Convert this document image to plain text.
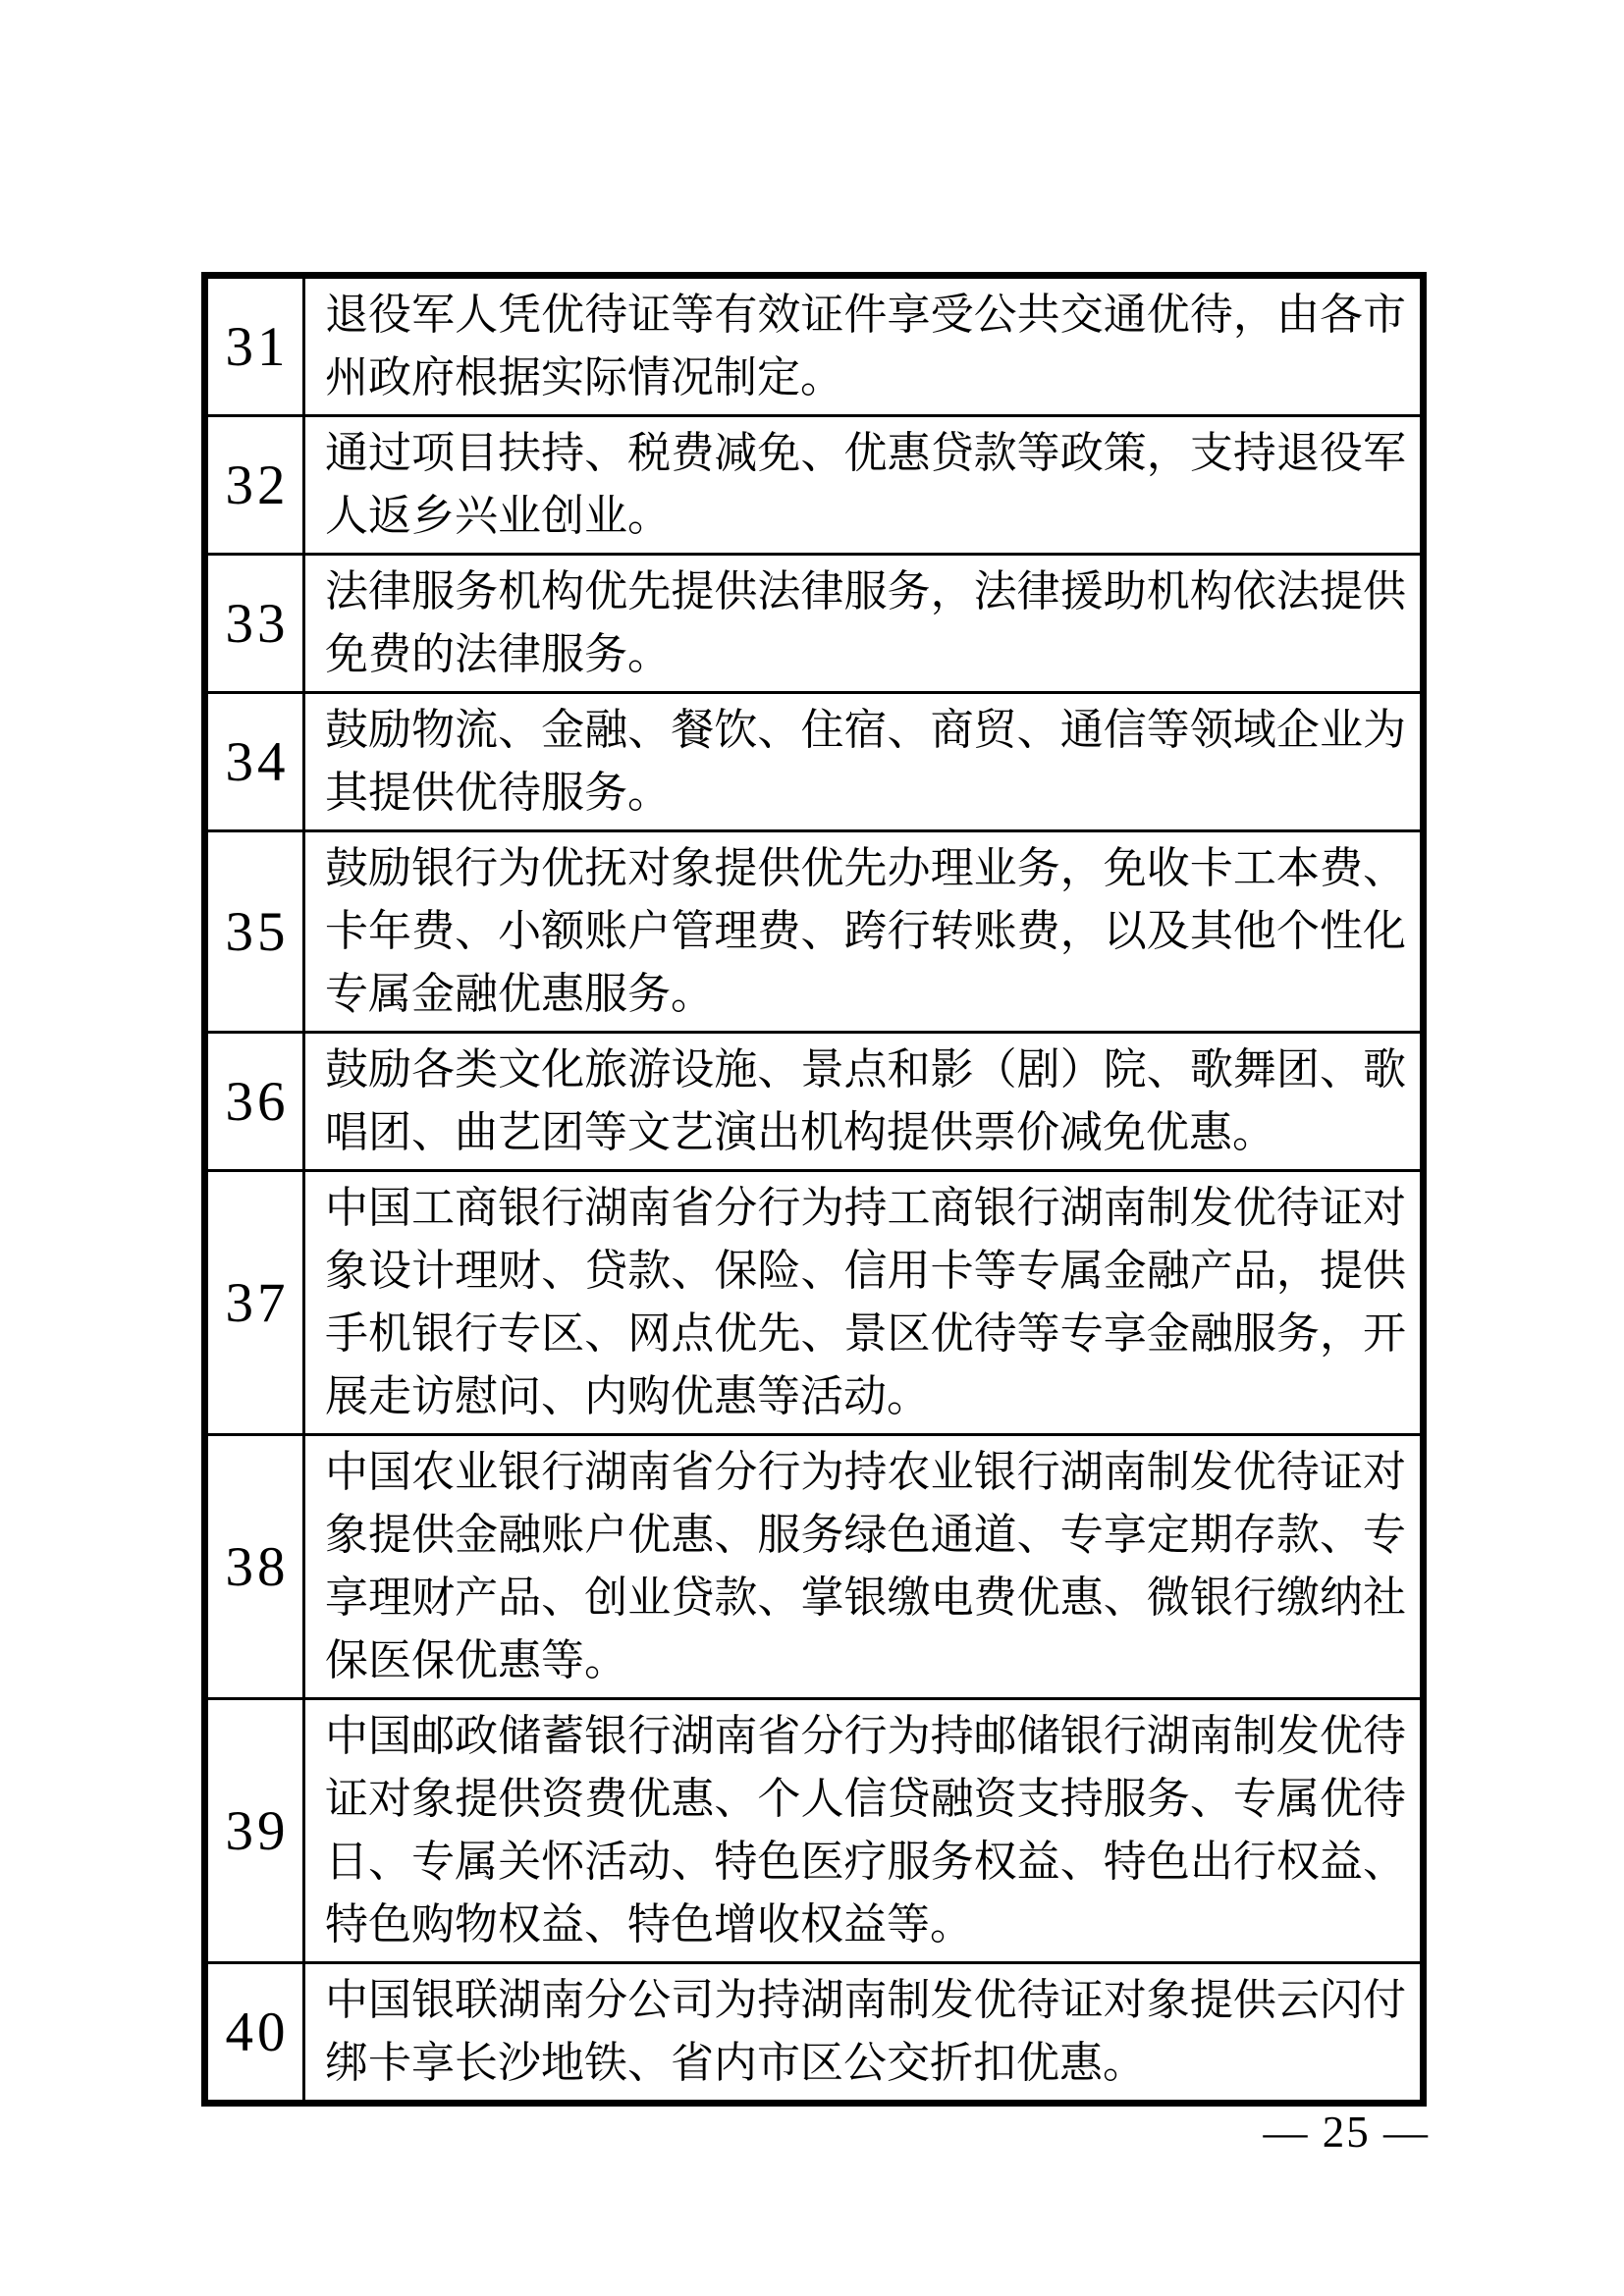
31	退役军人凭优待证等有效证件享受公共交通优待，由各市州政府根据实际情况制定。
32	通过项目扶持、税费减免、优惠贷款等政策，支持退役军人返乡兴业创业。
33	法律服务机构优先提供法律服务，法律援助机构依法提供免费的法律服务。
34	鼓励物流、金融、餐饮、住宿、商贸、通信等领域企业为其提供优待服务。
35	鼓励银行为优抚对象提供优先办理业务，免收卡工本费、卡年费、小额账户管理费、跨行转账费，以及其他个性化专属金融优惠服务。
36	鼓励各类文化旅游设施、景点和影（剧）院、歌舞团、歌唱团、曲艺团等文艺演出机构提供票价减免优惠。
37	中国工商银行湖南省分行为持工商银行湖南制发优待证对象设计理财、贷款、保险、信用卡等专属金融产品，提供手机银行专区、网点优先、景区优待等专享金融服务，开展走访慰问、内购优惠等活动。
38	中国农业银行湖南省分行为持农业银行湖南制发优待证对象提供金融账户优惠、服务绿色通道、专享定期存款、专享理财产品、创业贷款、掌银缴电费优惠、微银行缴纳社保医保优惠等。
39	中国邮政储蓄银行湖南省分行为持邮储银行湖南制发优待证对象提供资费优惠、个人信贷融资支持服务、专属优待日、专属关怀活动、特色医疗服务权益、特色出行权益、特色购物权益、特色增收权益等。
40	中国银联湖南分公司为持湖南制发优待证对象提供云闪付绑卡享长沙地铁、省内市区公交折扣优惠。
— 25 —
